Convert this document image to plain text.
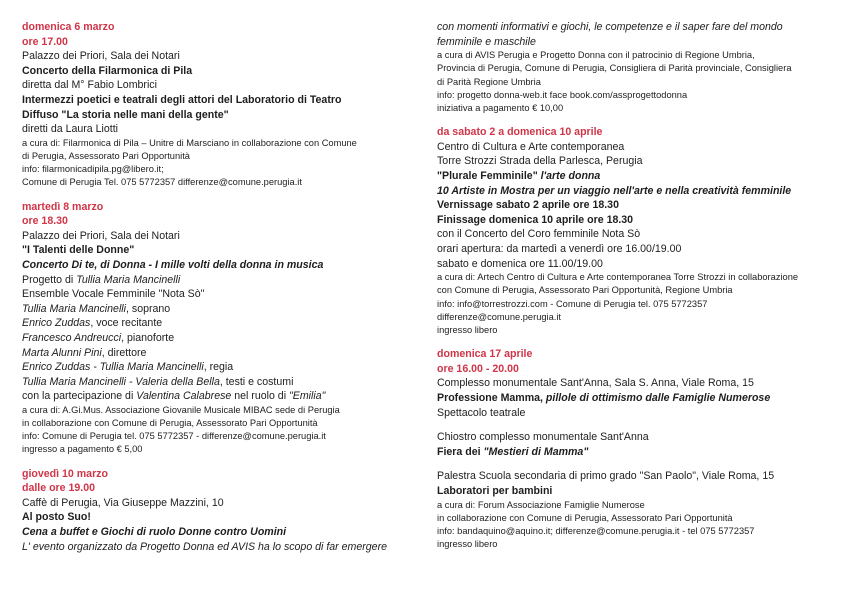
domenica 6 marzo
ore 17.00
Palazzo dei Priori, Sala dei Notari
Concerto della Filarmonica di Pila
diretta dal M° Fabio Lombrici
Intermezzi poetici e teatrali degli attori del Laboratorio di Teatro
Diffuso "La storia nelle mani della gente"
diretti da Laura Liotti
a cura di: Filarmonica di Pila – Unitre di Marsciano in collaborazione con Comune
di Perugia, Assessorato Pari Opportunità
info: filarmonicadipila.pg@libero.it;
Comune di Perugia Tel. 075 5772357 differenze@comune.perugia.it
martedì 8 marzo
ore 18.30
Palazzo dei Priori, Sala dei Notari
"I Talenti delle Donne"
Concerto Di te, di Donna - I mille volti della donna in musica
Progetto di Tullia Maria Mancinelli
Ensemble Vocale Femminile "Nota Sò"
Tullia Maria Mancinelli, soprano
Enrico Zuddas, voce recitante
Francesco Andreucci, pianoforte
Marta Alunni Pini, direttore
Enrico Zuddas - Tullia Maria Mancinelli, regia
Tullia Maria Mancinelli - Valeria della Bella, testi e costumi
con la partecipazione di Valentina Calabrese nel ruolo di "Emilia"
a cura di: A.Gi.Mus. Associazione Giovanile Musicale MIBAC sede di Perugia
in collaborazione con Comune di Perugia, Assessorato Pari Opportunità
info: Comune di Perugia tel. 075 5772357 - differenze@comune.perugia.it
ingresso a pagamento € 5,00
giovedì 10 marzo
dalle ore 19.00
Caffè di Perugia, Via Giuseppe Mazzini, 10
Al posto Suo!
Cena a buffet e Giochi di ruolo Donne contro Uomini
L' evento organizzato da Progetto Donna ed AVIS ha lo scopo di far emergere
con momenti informativi e giochi, le competenze e il saper fare del mondo
femminile e maschile
a cura di AVIS Perugia e Progetto Donna con il patrocinio di Regione Umbria,
Provincia di Perugia, Comune di Perugia, Consigliera di Parità provinciale, Consigliera
di Parità Regione Umbria
info: progetto donna-web.it face book.com/assprogettodonna
iniziativa a pagamento € 10,00
da sabato 2 a domenica 10 aprile
Centro di Cultura e Arte contemporanea
Torre Strozzi Strada della Parlesca, Perugia
"Plurale Femminile" l'arte donna
10 Artiste in Mostra per un viaggio nell'arte e nella creatività femminile
Vernissage sabato 2 aprile ore 18.30
Finissage domenica 10 aprile ore 18.30
con il Concerto del Coro femminile Nota Sò
orari apertura: da martedì a venerdì ore 16.00/19.00
sabato e domenica ore 11.00/19.00
a cura di: Artech Centro di Cultura e Arte contemporanea Torre Strozzi in collaborazione
con Comune di Perugia, Assessorato Pari Opportunità, Regione Umbria
info: info@torrestrozzi.com - Comune di Perugia tel. 075 5772357
differenze@comune.perugia.it
ingresso libero
domenica 17 aprile
ore 16.00 - 20.00
Complesso monumentale Sant'Anna, Sala S. Anna, Viale Roma, 15
Professione Mamma, pillole di ottimismo dalle Famiglie Numerose
Spettacolo teatrale
Chiostro complesso monumentale Sant'Anna
Fiera dei "Mestieri di Mamma"
Palestra Scuola secondaria di primo grado "San Paolo", Viale Roma, 15
Laboratori per bambini
a cura di: Forum Associazione Famiglie Numerose
in collaborazione con Comune di Perugia, Assessorato Pari Opportunità
info: bandaquino@aquino.it; differenze@comune.perugia.it - tel 075 5772357
ingresso libero
